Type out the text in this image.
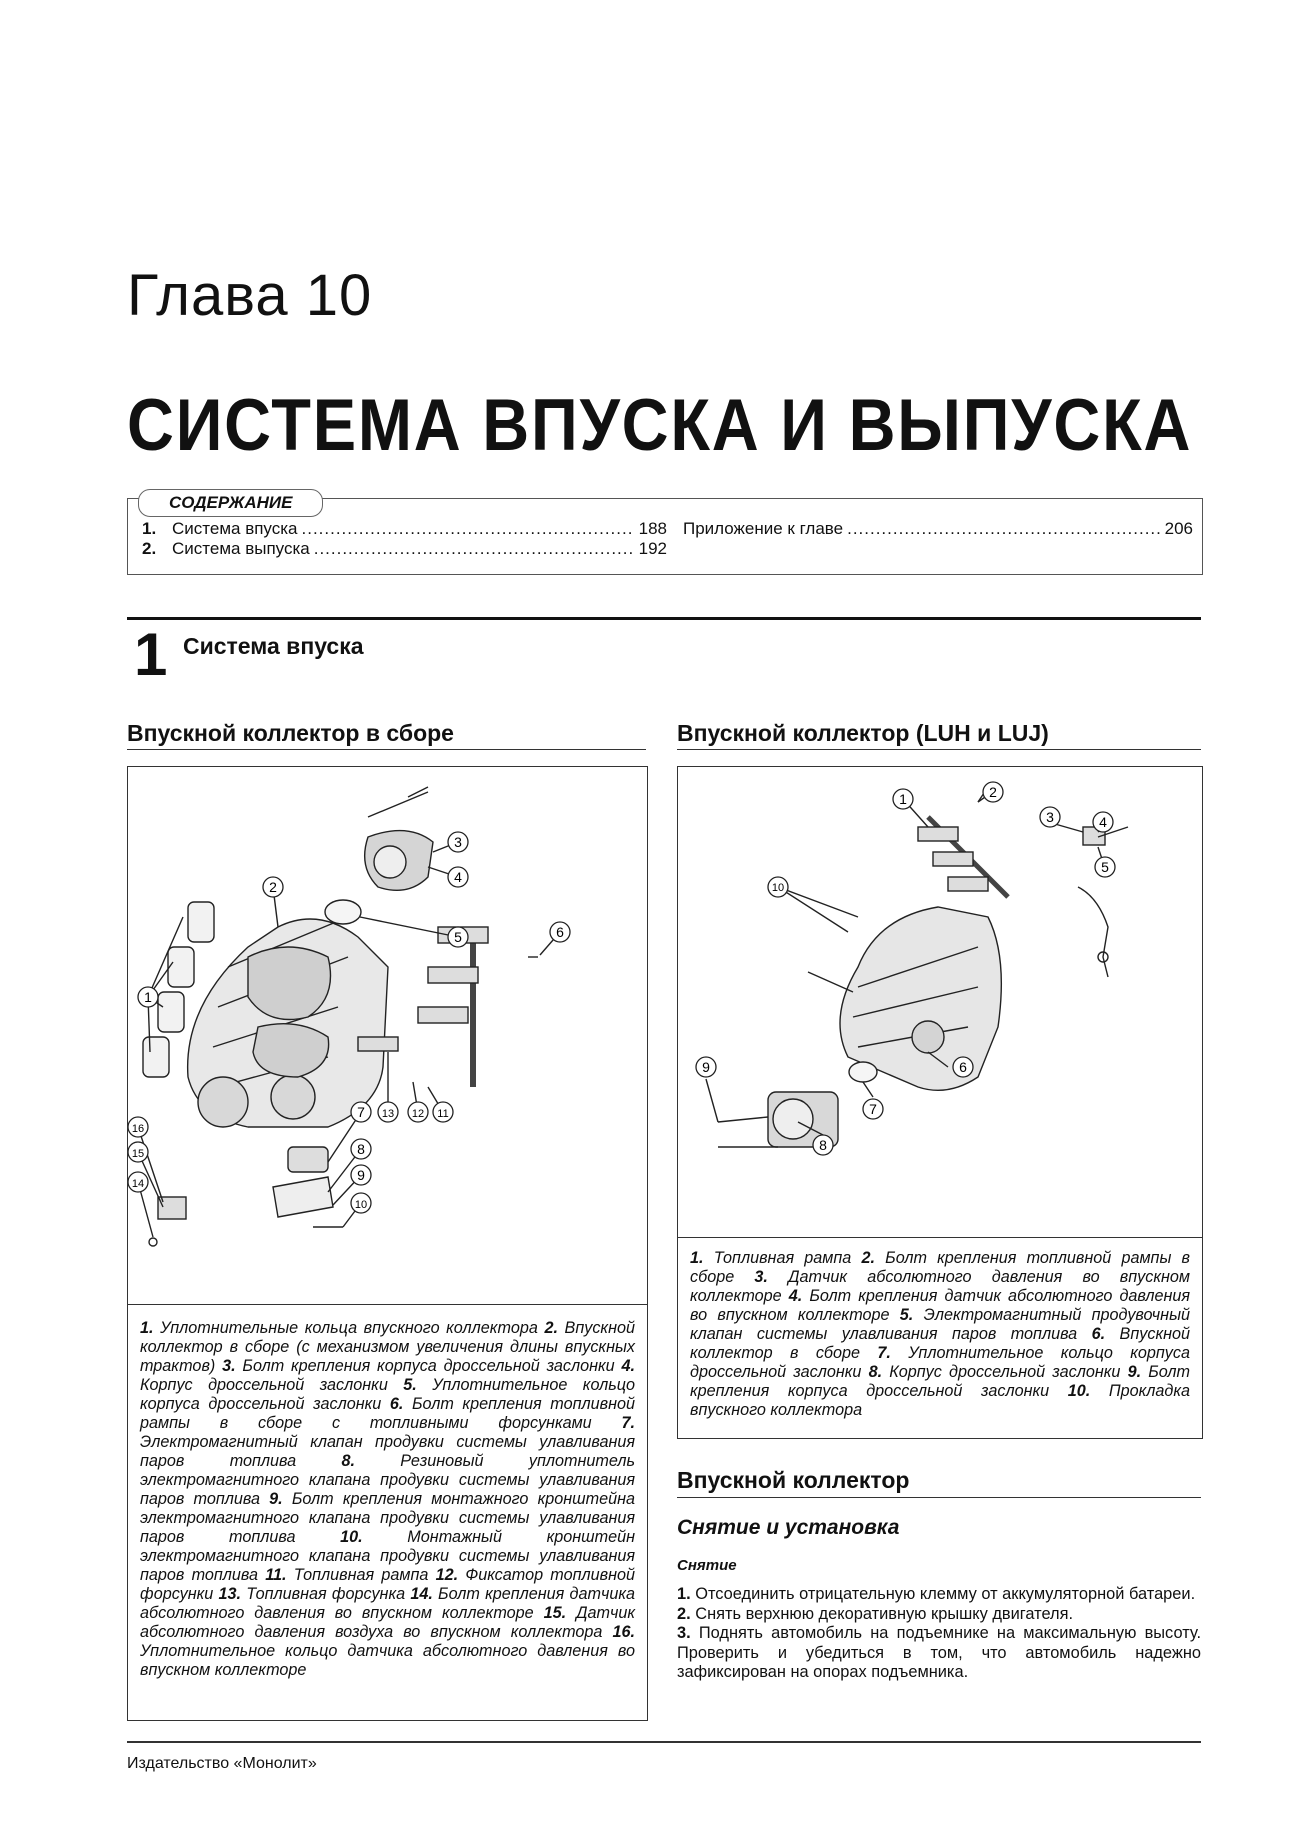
Глава 10
СИСТЕМА ВПУСКА И ВЫПУСКА
1. Система впуска .....	188
2. Система выпуска .....	192
Приложение к главе .....	206
СОДЕРЖАНИЕ
1 Система впуска
Впускной коллектор в сборе
1
2
3
4
5	6
7
8
9
10
11
12
13
14
15
16
1. Уплотнительные кольца впускного коллектора 2. Впускной коллектор в сборе (с механизмом увеличения длины впускных трактов) 3. Болт крепления корпуса дроссельной заслонки 4. Корпус дроссельной заслонки 5. Уплотнительное кольцо корпуса дроссельной заслонки 6. Болт крепления топливной рампы в сборе с топливными форсунками 7. Электромагнитный клапан продувки системы улавливания паров топлива 8. Резиновый уплотнитель электромагнитного клапана продувки системы улавливания паров топлива 9. Болт крепления монтажного кронштейна электромагнитного клапана продувки системы улавливания паров топлива 10. Монтажный кронштейн электромагнитного клапана продувки системы улавливания паров топлива 11. Топливная рампа 12. Фиксатор топливной форсунки 13. Топливная форсунка 14. Болт крепления датчика абсолютного давления во впускном коллекторе 15. Датчик абсолютного давления воздуха во впускном коллектора 16. Уплотнительное кольцо датчика абсолютного давления во впускном коллекторе
Впускной коллектор (LUH и LUJ)
1	2
3	4
5
6
7
8
9
10
1. Топливная рампа 2. Болт крепления топливной рампы в сборе 3. Датчик абсолютного давления во впускном коллекторе 4. Болт крепления датчик абсолютного давления во впускном коллекторе 5. Электромагнитный продувочный клапан системы улавливания паров топлива 6. Впускной коллектор в сборе 7. Уплотнительное кольцо корпуса дроссельной заслонки 8. Корпус дроссельной заслонки 9. Болт крепления корпуса дроссельной заслонки 10. Прокладка впускного коллектора
Впускной коллектор
Снятие и установка
Снятие
1. Отсоединить отрицательную клемму от аккумуляторной батареи.
2. Снять верхнюю декоративную крышку двигателя.
3. Поднять автомобиль на подъемнике на максимальную высоту. Проверить и убедиться в том, что автомобиль надежно зафиксирован на опорах подъемника.
Издательство «Монолит»
